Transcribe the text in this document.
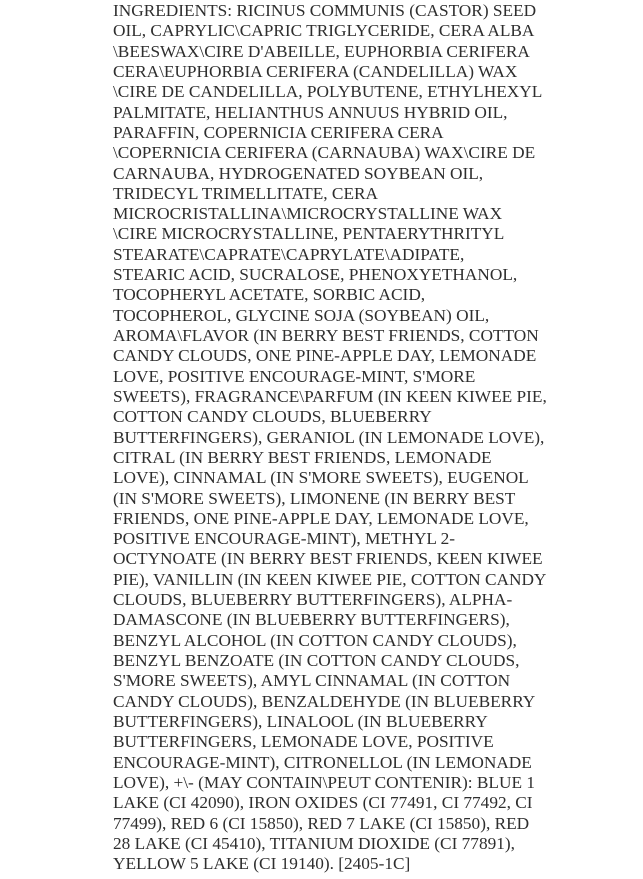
INGREDIENTS: RICINUS COMMUNIS (CASTOR) SEED
OIL, CAPRYLIC\CAPRIC TRIGLYCERIDE, CERA ALBA
\BEESWAX\CIRE D'ABEILLE, EUPHORBIA CERIFERA
CERA\EUPHORBIA CERIFERA (CANDELILLA) WAX
\CIRE DE CANDELILLA, POLYBUTENE, ETHYLHEXYL
PALMITATE, HELIANTHUS ANNUUS HYBRID OIL,
PARAFFIN, COPERNICIA CERIFERA CERA
\COPERNICIA CERIFERA (CARNAUBA) WAX\CIRE DE
CARNAUBA, HYDROGENATED SOYBEAN OIL,
TRIDECYL TRIMELLITATE, CERA
MICROCRISTALLINA\MICROCRYSTALLINE WAX
\CIRE MICROCRYSTALLINE, PENTAERYTHRITYL
STEARATE\CAPRATE\CAPRYLATE\ADIPATE,
STEARIC ACID, SUCRALOSE, PHENOXYETHANOL,
TOCOPHERYL ACETATE, SORBIC ACID,
TOCOPHEROL, GLYCINE SOJA (SOYBEAN) OIL,
AROMA\FLAVOR (IN BERRY BEST FRIENDS, COTTON
CANDY CLOUDS, ONE PINE-APPLE DAY, LEMONADE
LOVE, POSITIVE ENCOURAGE-MINT, S'MORE
SWEETS), FRAGRANCE\PARFUM (IN KEEN KIWEE PIE,
COTTON CANDY CLOUDS, BLUEBERRY
BUTTERFINGERS), GERANIOL (IN LEMONADE LOVE),
CITRAL (IN BERRY BEST FRIENDS, LEMONADE
LOVE), CINNAMAL (IN S'MORE SWEETS), EUGENOL
(IN S'MORE SWEETS), LIMONENE (IN BERRY BEST
FRIENDS, ONE PINE-APPLE DAY, LEMONADE LOVE,
POSITIVE ENCOURAGE-MINT), METHYL 2-
OCTYNOATE (IN BERRY BEST FRIENDS, KEEN KIWEE
PIE), VANILLIN (IN KEEN KIWEE PIE, COTTON CANDY
CLOUDS, BLUEBERRY BUTTERFINGERS), ALPHA-
DAMASCONE (IN BLUEBERRY BUTTERFINGERS),
BENZYL ALCOHOL (IN COTTON CANDY CLOUDS),
BENZYL BENZOATE (IN COTTON CANDY CLOUDS,
S'MORE SWEETS), AMYL CINNAMAL (IN COTTON
CANDY CLOUDS), BENZALDEHYDE (IN BLUEBERRY
BUTTERFINGERS), LINALOOL (IN BLUEBERRY
BUTTERFINGERS, LEMONADE LOVE, POSITIVE
ENCOURAGE-MINT), CITRONELLOL (IN LEMONADE
LOVE), +\- (MAY CONTAIN\PEUT CONTENIR): BLUE 1
LAKE (CI 42090), IRON OXIDES (CI 77491, CI 77492, CI
77499), RED 6 (CI 15850), RED 7 LAKE (CI 15850), RED
28 LAKE (CI 45410), TITANIUM DIOXIDE (CI 77891),
YELLOW 5 LAKE (CI 19140). [2405-1C]
